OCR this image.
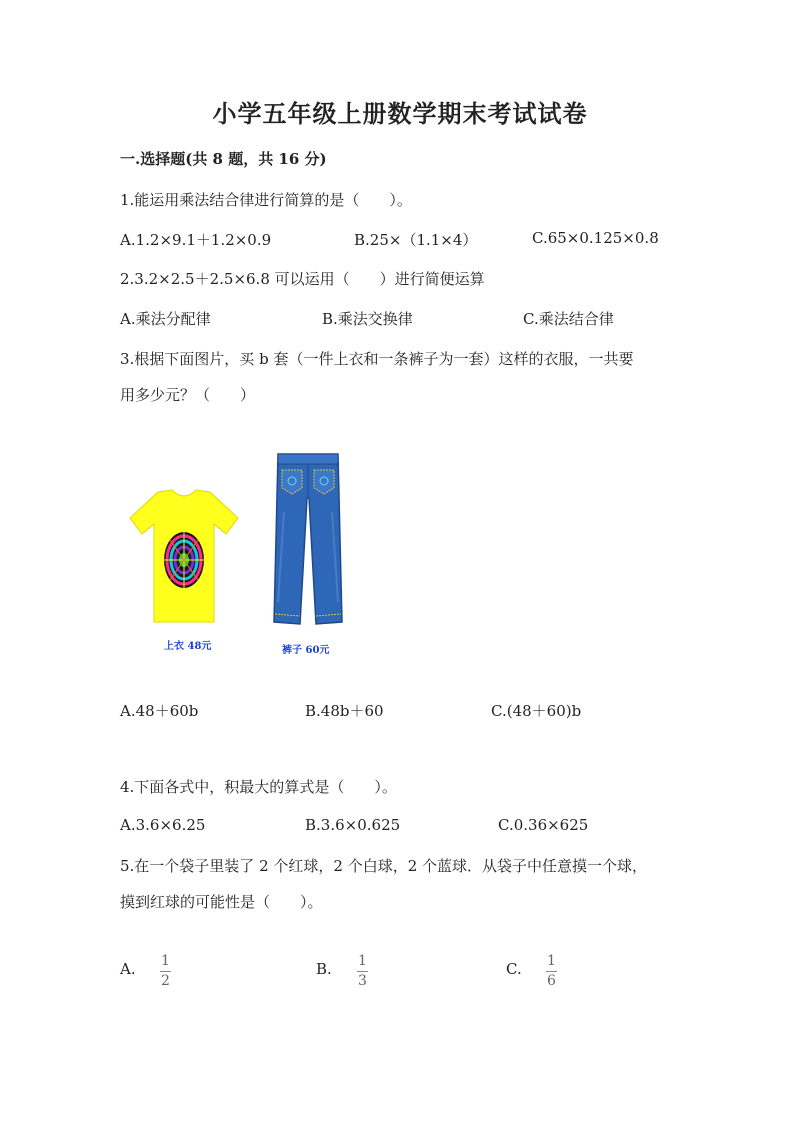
小学五年级上册数学期末考试试卷
一.选择题(共 8 题，共 16 分)
1.能运用乘法结合律进行简算的是（　　）。
A.1.2×9.1＋1.2×0.9	B.25×（1.1×4）	C.65×0.125×0.8
2.3.2×2.5＋2.5×6.8 可以运用（　　）进行简便运算
A.乘法分配律	B.乘法交换律	C.乘法结合律
3.根据下面图片，买 b 套（一件上衣和一条裤子为一套）这样的衣服，一共要
用多少元？（　　）
上衣 48元	裤子 60元
A.48＋60b	B.48b＋60	C.(48＋60)b
4.下面各式中，积最大的算式是（　　）。
A.3.6×6.25	B.3.6×0.625	C.0.36×625
5.在一个袋子里装了 2 个红球，2 个白球，2 个蓝球．从袋子中任意摸一个球，
摸到红球的可能性是（　　）。
A. 1
2
B. 1
3
C. 1
6
